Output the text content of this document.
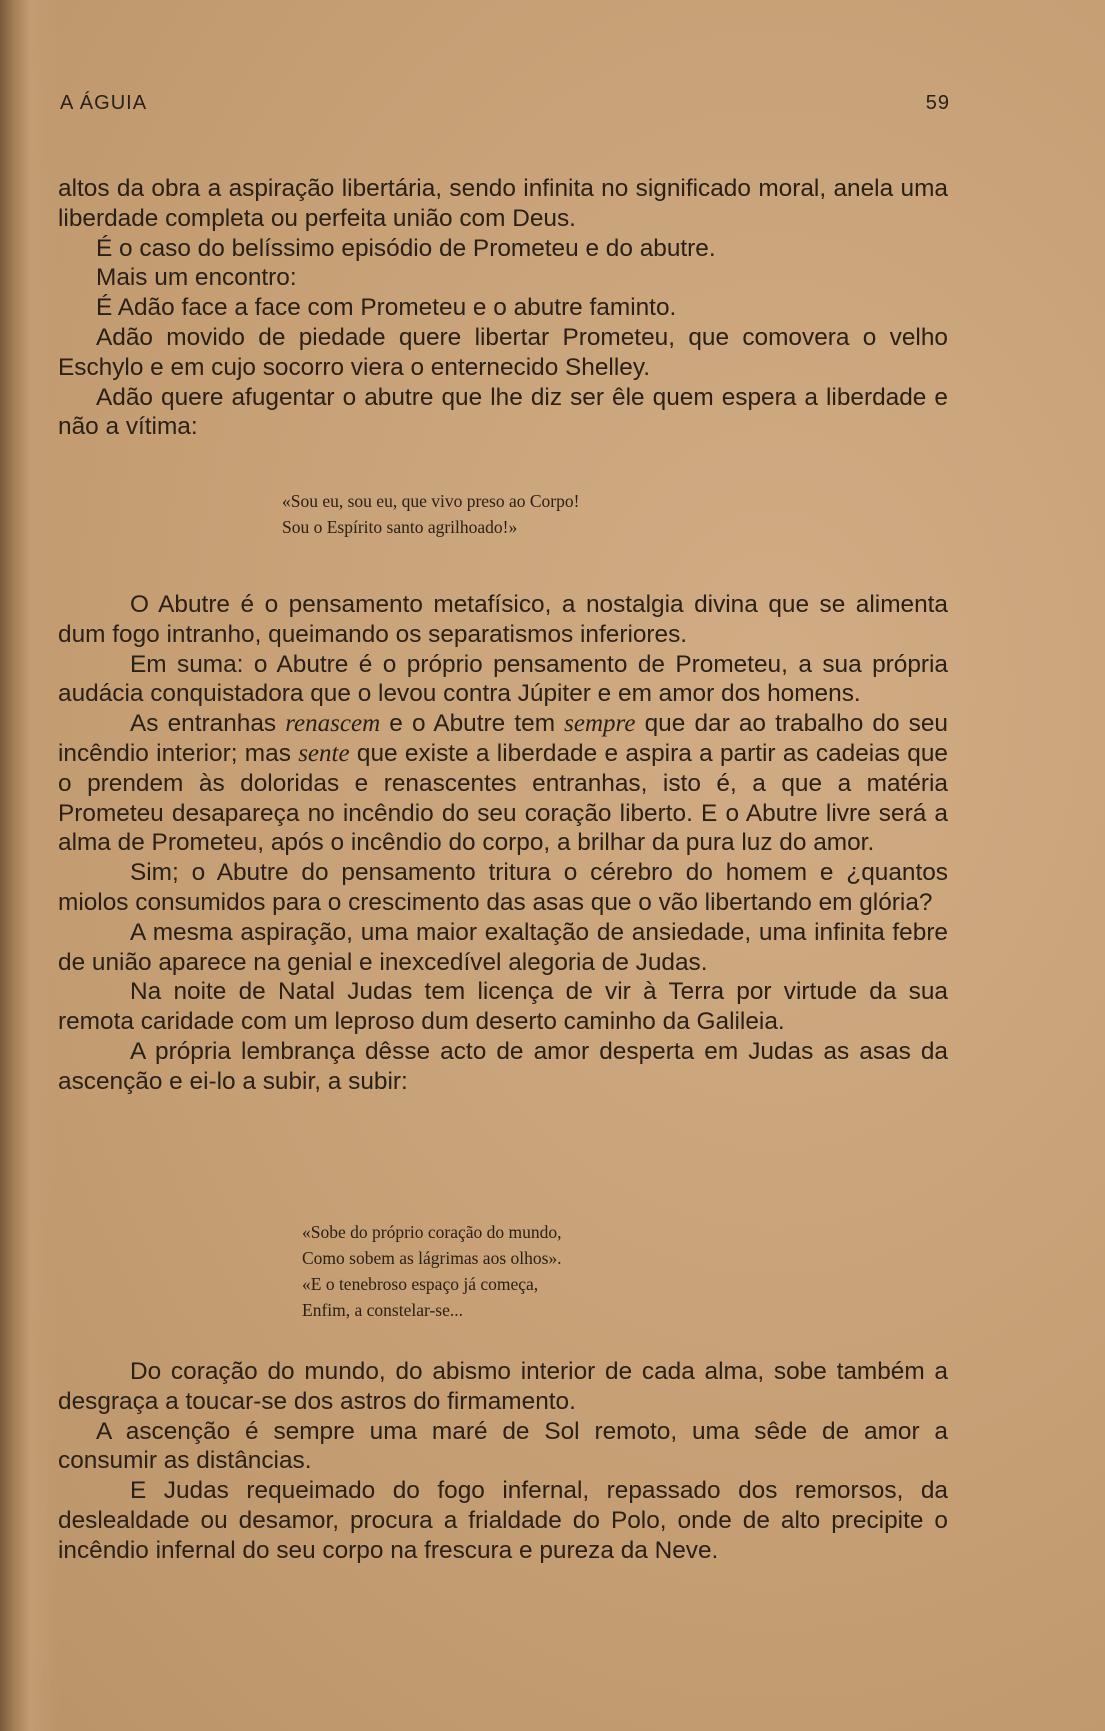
A ÁGUIA	59

altos da obra a aspiração libertária, sendo infinita no significado moral, anela uma liberdade completa ou perfeita união com Deus.

É o caso do belíssimo episódio de Prometeu e do abutre.

Mais um encontro:

É Adão face a face com Prometeu e o abutre faminto.

Adão movido de piedade quere libertar Prometeu, que comovera o velho Eschylo e em cujo socorro viera o enternecido Shelley.

Adão quere afugentar o abutre que lhe diz ser êle quem espera a liberdade e não a vítima:

«Sou eu, sou eu, que vivo preso ao Corpo!
Sou o Espírito santo agrilhoado!»

O Abutre é o pensamento metafísico, a nostalgia divina que se alimenta dum fogo intranho, queimando os separatismos inferiores.

Em suma: o Abutre é o próprio pensamento de Prometeu, a sua própria audácia conquistadora que o levou contra Júpiter e em amor dos homens.

As entranhas renascem e o Abutre tem sempre que dar ao trabalho do seu incêndio interior; mas sente que existe a liberdade e aspira a partir as cadeias que o prendem às doloridas e renascentes entranhas, isto é, a que a matéria Prometeu desapareça no incêndio do seu coração liberto. E o Abutre livre será a alma de Prometeu, após o incêndio do corpo, a brilhar da pura luz do amor.

Sim; o Abutre do pensamento tritura o cérebro do homem e ¿quantos miolos consumidos para o crescimento das asas que o vão libertando em glória?

A mesma aspiração, uma maior exaltação de ansiedade, uma infinita febre de união aparece na genial e inexcedível alegoria de Judas.

Na noite de Natal Judas tem licença de vir à Terra por virtude da sua remota caridade com um leproso dum deserto caminho da Galileia.

A própria lembrança dêsse acto de amor desperta em Judas as asas da ascenção e ei-lo a subir, a subir:

«Sobe do próprio coração do mundo,
Como sobem as lágrimas aos olhos».
«E o tenebroso espaço já começa,
Enfim, a constelar-se...

Do coração do mundo, do abismo interior de cada alma, sobe também a desgraça a toucar-se dos astros do firmamento.

A ascenção é sempre uma maré de Sol remoto, uma sêde de amor a consumir as distâncias.

E Judas requeimado do fogo infernal, repassado dos remorsos, da deslealdade ou desamor, procura a frialdade do Polo, onde de alto precipite o incêndio infernal do seu corpo na frescura e pureza da Neve.
